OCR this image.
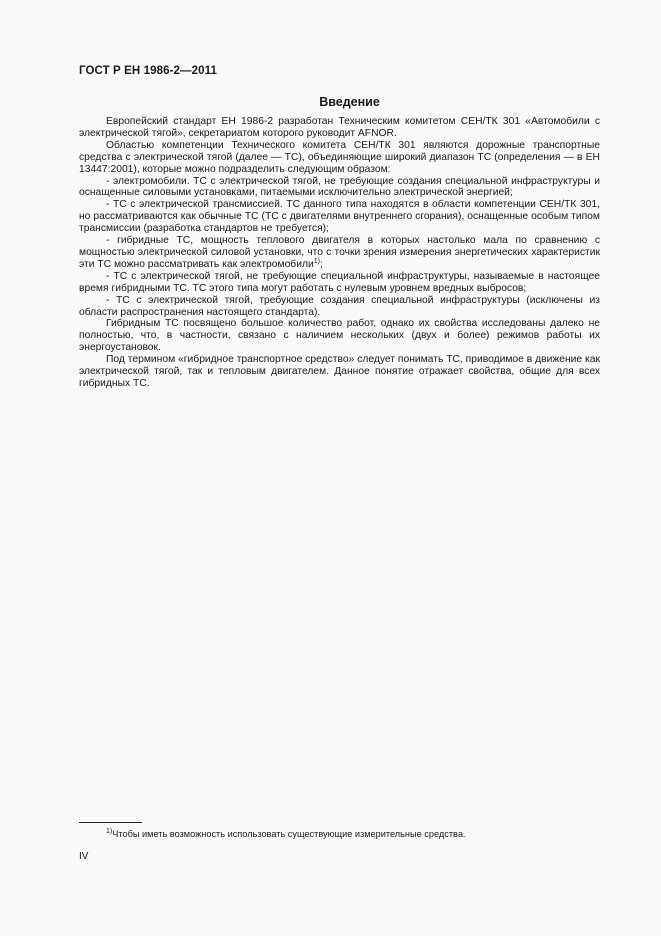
ГОСТ Р ЕН 1986-2—2011
Введение

Европейский стандарт ЕН 1986-2 разработан Техническим комитетом СЕН/ТК 301 «Автомобили с электрической тягой», секретариатом которого руководит AFNOR.

Областью компетенции Технического комитета СЕН/ТК 301 являются дорожные транспортные средства с электрической тягой (далее — ТС), объединяющие широкий диапазон ТС (определения — в ЕН 13447:2001), которые можно подразделить следующим образом:

- электромобили. ТС с электрической тягой, не требующие создания специальной инфраструктуры и оснащенные силовыми установками, питаемыми исключительно электрической энергией;

- ТС с электрической трансмиссией. ТС данного типа находятся в области компетенции СЕН/ТК 301, но рассматриваются как обычные ТС (ТС с двигателями внутреннего сгорания), оснащенные особым типом трансмиссии (разработка стандартов не требуется);

- гибридные ТС, мощность теплового двигателя в которых настолько мала по сравнению с мощностью электрической силовой установки, что с точки зрения измерения энергетических характеристик эти ТС можно рассматривать как электромобили$^{1)}$;

- ТС с электрической тягой, не требующие специальной инфраструктуры, называемые в настоящее время гибридными ТС. ТС этого типа могут работать с нулевым уровнем вредных выбросов;

- ТС с электрической тягой, требующие создания специальной инфраструктуры (исключены из области распространения настоящего стандарта).

Гибридным ТС посвящено большое количество работ, однако их свойства исследованы далеко не полностью, что, в частности, связано с наличием нескольких (двух и более) режимов работы их энергоустановок.

Под термином «гибридное транспортное средство» следует понимать ТС, приводимое в движение как электрической тягой, так и тепловым двигателем. Данное понятие отражает свойства, общие для всех гибридных ТС.

$^{1)}$Чтобы иметь возможность использовать существующие измерительные средства.
IV
